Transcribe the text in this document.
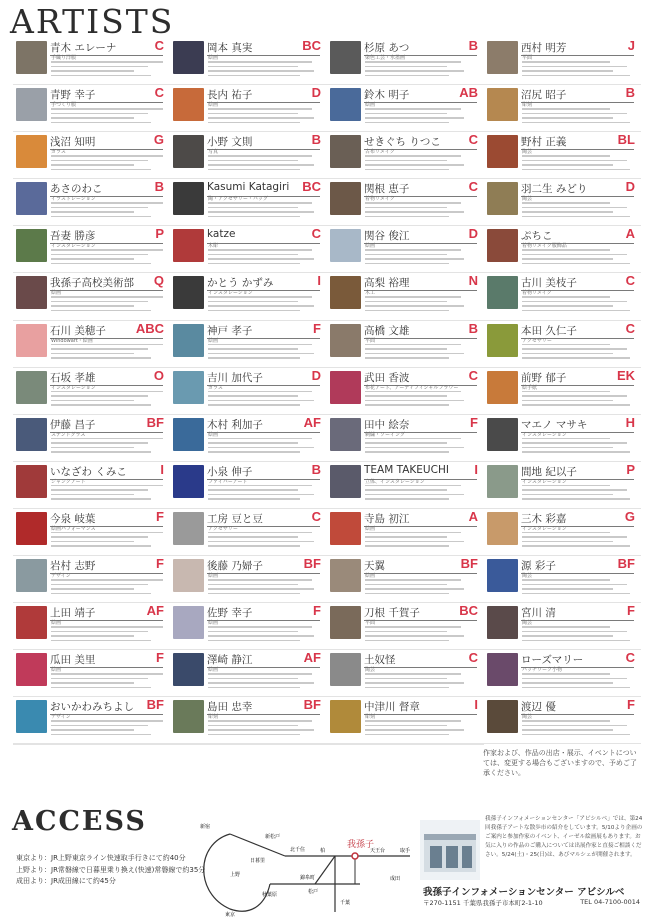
ARTISTS
青木 エレーナ
手織り洋服
C	岡本 真実
絵画
BC	杉原 あつ
染色工芸・水墨画
B	西村 明芳
平面
J
青野 幸子
手づくり服
C	長内 祐子
絵画
D	鈴木 明子
絵画
AB	沼尻 昭子
彫刻
B
浅沼 知明
ガラス
G	小野 文則
写真
B	せきぐち りつこ
古布リメイク
C	野村 正義
陶芸
BL
あさのわこ
イラストレーション
B	Kasumi Katagiri
陶・アクセサリー・バッグ
BC	関根 恵子
着物リメイク
C	羽二生 みどり
陶芸
D
吾妻 勝彦
インスタレーション
P	katze
木彫
C	関谷 俊江
絵画
D	ぷちこ
着物リメイク服飾品
A
我孫子高校美術部
絵画
Q	かとう かずみ
インスタレーション
I	高梨 裕理
木工
N	古川 美枝子
着物リメイク
C
石川 美穂子
Windowart・絵画
ABC	神戸 孝子
絵画
F	高橋 文雄
平面
B	本田 久仁子
アクセサリー
C
石坂 孝雄
インスタレーション
O	吉川 加代子
ガラス
D	武田 香波
布花アート、アーティフィシャルフラワー
C	前野 郁子
絵手紙
EK
伊藤 昌子
ステンドグラス
BF	木村 利加子
絵画
AF	田中 絵奈
刺繍・ソーイング
F	マエノ マサキ
インスタレーション
H
いなざわ くみこ
ジャンクアート
I	小泉 伸子
ファイバーアート
B	TEAM TAKEUCHI
立体、インスタレーション
I	間地 紀以子
インスタレーション
P
今泉 岐葉
絵画パフォーマンス
F	工房 豆と豆
アクセサリー
C	寺島 初江
絵画
A	三木 彩嘉
インスタレーション
G
岩村 志野
デザイン
F	後藤 乃婦子
絵画
BF	天翼
絵画
BF	源 彩子
陶芸
BF
上田 靖子
絵画
AF	佐野 幸子
絵画
F	刀根 千賀子
平面
BC	宮川 清
陶芸
F
瓜田 美里
絵画
F	澤崎 静江
絵画
AF	土奴怪
陶芸
C	ローズマリー
パッチワーク小物
C
おいかわみちよし
デザイン
BF	島田 忠幸
彫刻
BF	中津川 督章
彫刻
I	渡辺 優
陶芸
F
作家および、作品の出店・展示、イベントについては、変更する場合もございますので、予めご了承ください。
ACCESS
東京より：JR上野東京ライン快速取手行きにて約40分
上野より：JR常磐線で日暮里乗り換え(快速)常磐線で約35分
成田より：JR成田線にて約45分
我孫子
新松戸
柏
上野
日暮里
秋葉原
東京
松戸
北千住
錦糸町
千葉
成田
取手
天王台
新宿
我孫子インフォメーションセンター「アビシルベ」では、第24回我孫子アートな散歩市の紹介をしています。5/10より企画のご案内と参加作家のイベント、イーゼル絵画展もあります。お気に入りの作品のご購入については出展作家と直接ご相談ください。5/24(土)・25(日)は、あびマルシェが開催されます。
我孫子インフォメーションセンター アビシルベ
〒270-1151 千葉県我孫子市本町2-1-10	TEL 04-7100-0014
